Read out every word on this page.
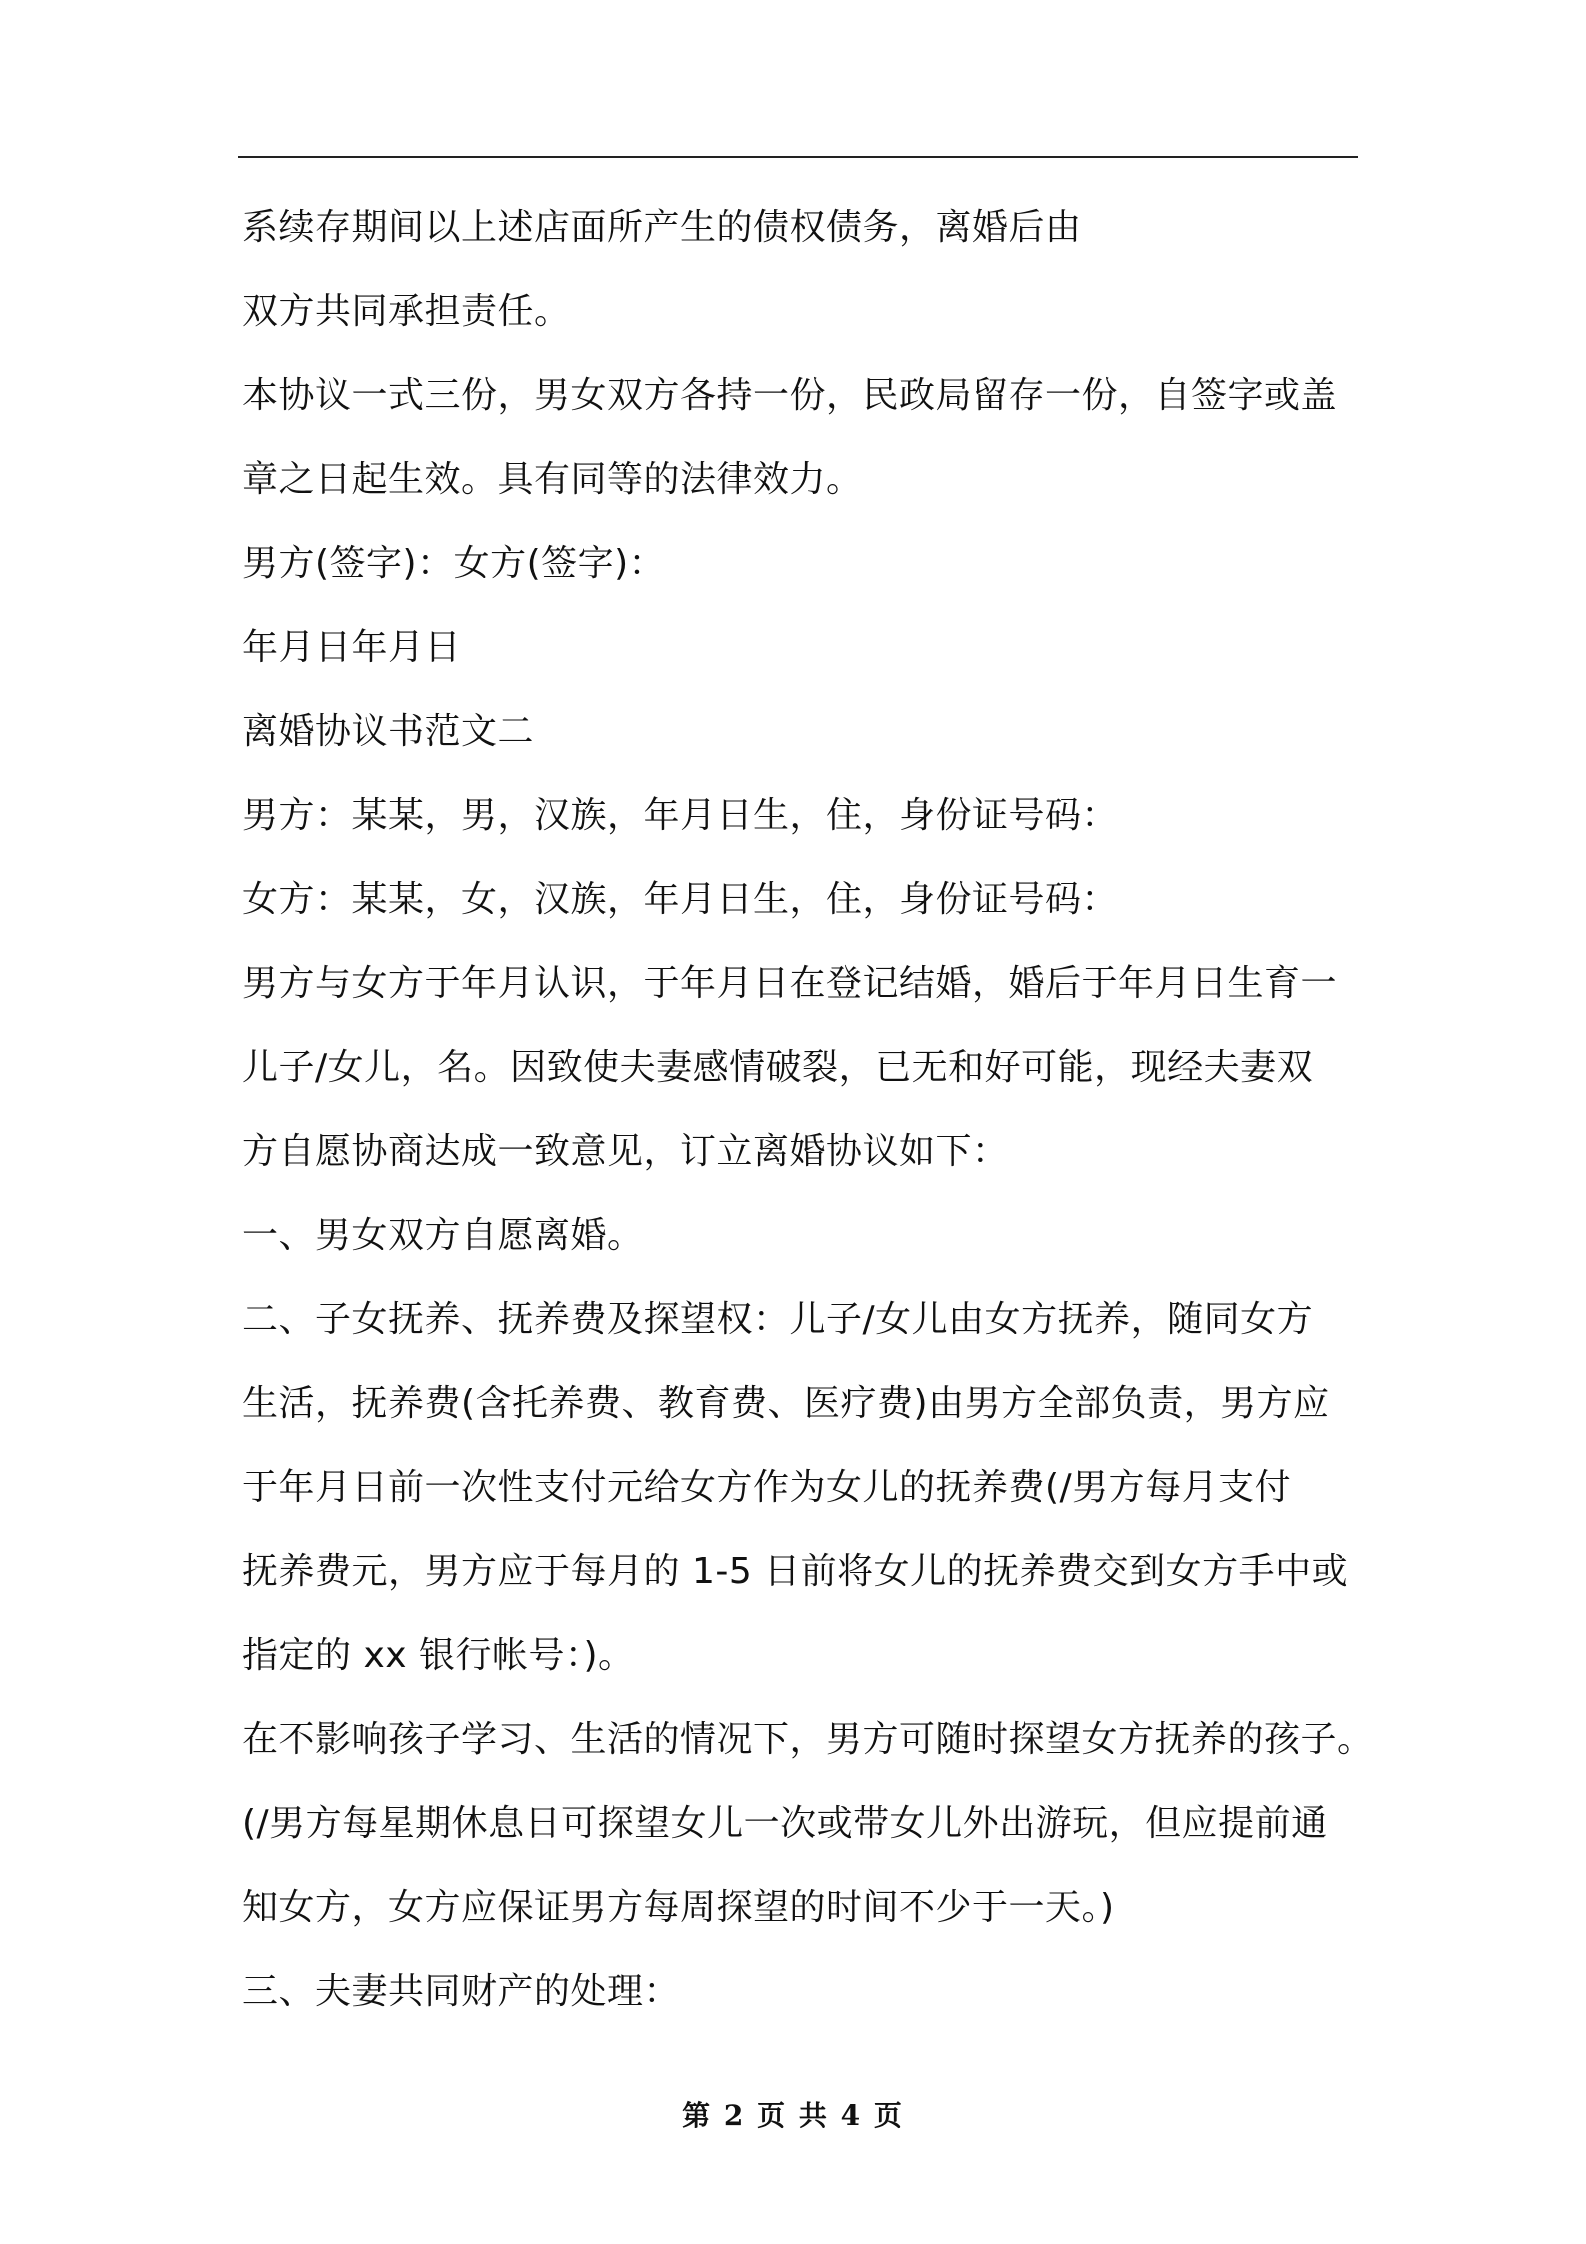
系续存期间以上述店面所产生的债权债务，离婚后由
双方共同承担责任。
本协议一式三份，男女双方各持一份，民政局留存一份，自签字或盖
章之日起生效。具有同等的法律效力。
男方(签字)：女方(签字)：
年月日年月日
离婚协议书范文二
男方：某某，男，汉族，年月日生，住，身份证号码：
女方：某某，女，汉族，年月日生，住，身份证号码：
男方与女方于年月认识，于年月日在登记结婚，婚后于年月日生育一
儿子/女儿，名。因致使夫妻感情破裂，已无和好可能，现经夫妻双
方自愿协商达成一致意见，订立离婚协议如下：
一、男女双方自愿离婚。
二、子女抚养、抚养费及探望权：儿子/女儿由女方抚养，随同女方
生活，抚养费(含托养费、教育费、医疗费)由男方全部负责，男方应
于年月日前一次性支付元给女方作为女儿的抚养费(/男方每月支付
抚养费元，男方应于每月的 1-5 日前将女儿的抚养费交到女方手中或
指定的 xx 银行帐号：)。
在不影响孩子学习、生活的情况下，男方可随时探望女方抚养的孩子。
(/男方每星期休息日可探望女儿一次或带女儿外出游玩，但应提前通
知女方，女方应保证男方每周探望的时间不少于一天。)
三、夫妻共同财产的处理：
第 2 页 共 4 页
